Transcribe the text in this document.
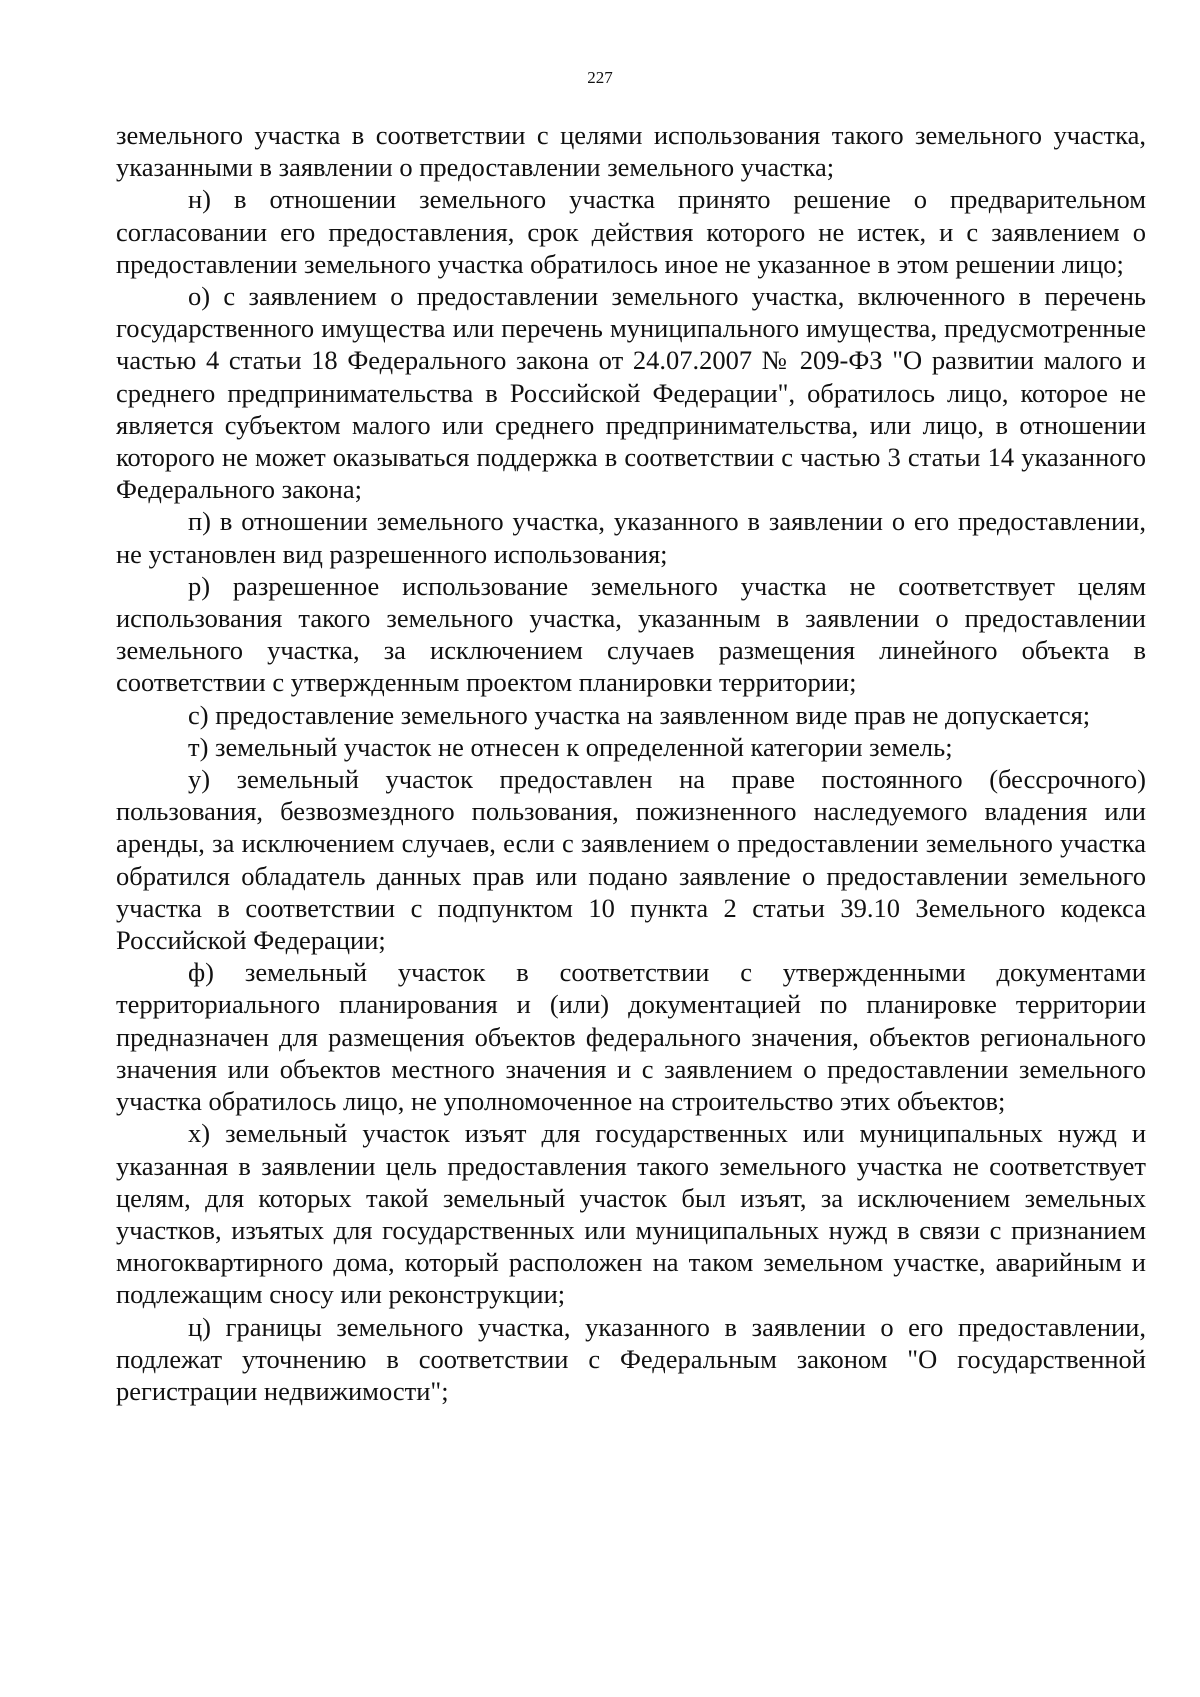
227

земельного участка в соответствии с целями использования такого земельного участка, указанными в заявлении о предоставлении земельного участка;

н) в отношении земельного участка принято решение о предварительном согласовании его предоставления, срок действия которого не истек, и с заявлением о предоставлении земельного участка обратилось иное не указанное в этом решении лицо;

о) с заявлением о предоставлении земельного участка, включенного в перечень государственного имущества или перечень муниципального имущества, предусмотренные частью 4 статьи 18 Федерального закона от 24.07.2007 № 209-ФЗ "О развитии малого и среднего предпринимательства в Российской Федерации", обратилось лицо, которое не является субъектом малого или среднего предпринимательства, или лицо, в отношении которого не может оказываться поддержка в соответствии с частью 3 статьи 14 указанного Федерального закона;

п) в отношении земельного участка, указанного в заявлении о его предоставлении, не установлен вид разрешенного использования;

р) разрешенное использование земельного участка не соответствует целям использования такого земельного участка, указанным в заявлении о предоставлении земельного участка, за исключением случаев размещения линейного объекта в соответствии с утвержденным проектом планировки территории;

с) предоставление земельного участка на заявленном виде прав не допускается;

т) земельный участок не отнесен к определенной категории земель;

у) земельный участок предоставлен на праве постоянного (бессрочного) пользования, безвозмездного пользования, пожизненного наследуемого владения или аренды, за исключением случаев, если с заявлением о предоставлении земельного участка обратился обладатель данных прав или подано заявление о предоставлении земельного участка в соответствии с подпунктом 10 пункта 2 статьи 39.10 Земельного кодекса Российской Федерации;

ф) земельный участок в соответствии с утвержденными документами территориального планирования и (или) документацией по планировке территории предназначен для размещения объектов федерального значения, объектов регионального значения или объектов местного значения и с заявлением о предоставлении земельного участка обратилось лицо, не уполномоченное на строительство этих объектов;

х) земельный участок изъят для государственных или муниципальных нужд и указанная в заявлении цель предоставления такого земельного участка не соответствует целям, для которых такой земельный участок был изъят, за исключением земельных участков, изъятых для государственных или муниципальных нужд в связи с признанием многоквартирного дома, который расположен на таком земельном участке, аварийным и подлежащим сносу или реконструкции;

ц) границы земельного участка, указанного в заявлении о его предоставлении, подлежат уточнению в соответствии с Федеральным законом "О государственной регистрации недвижимости";
